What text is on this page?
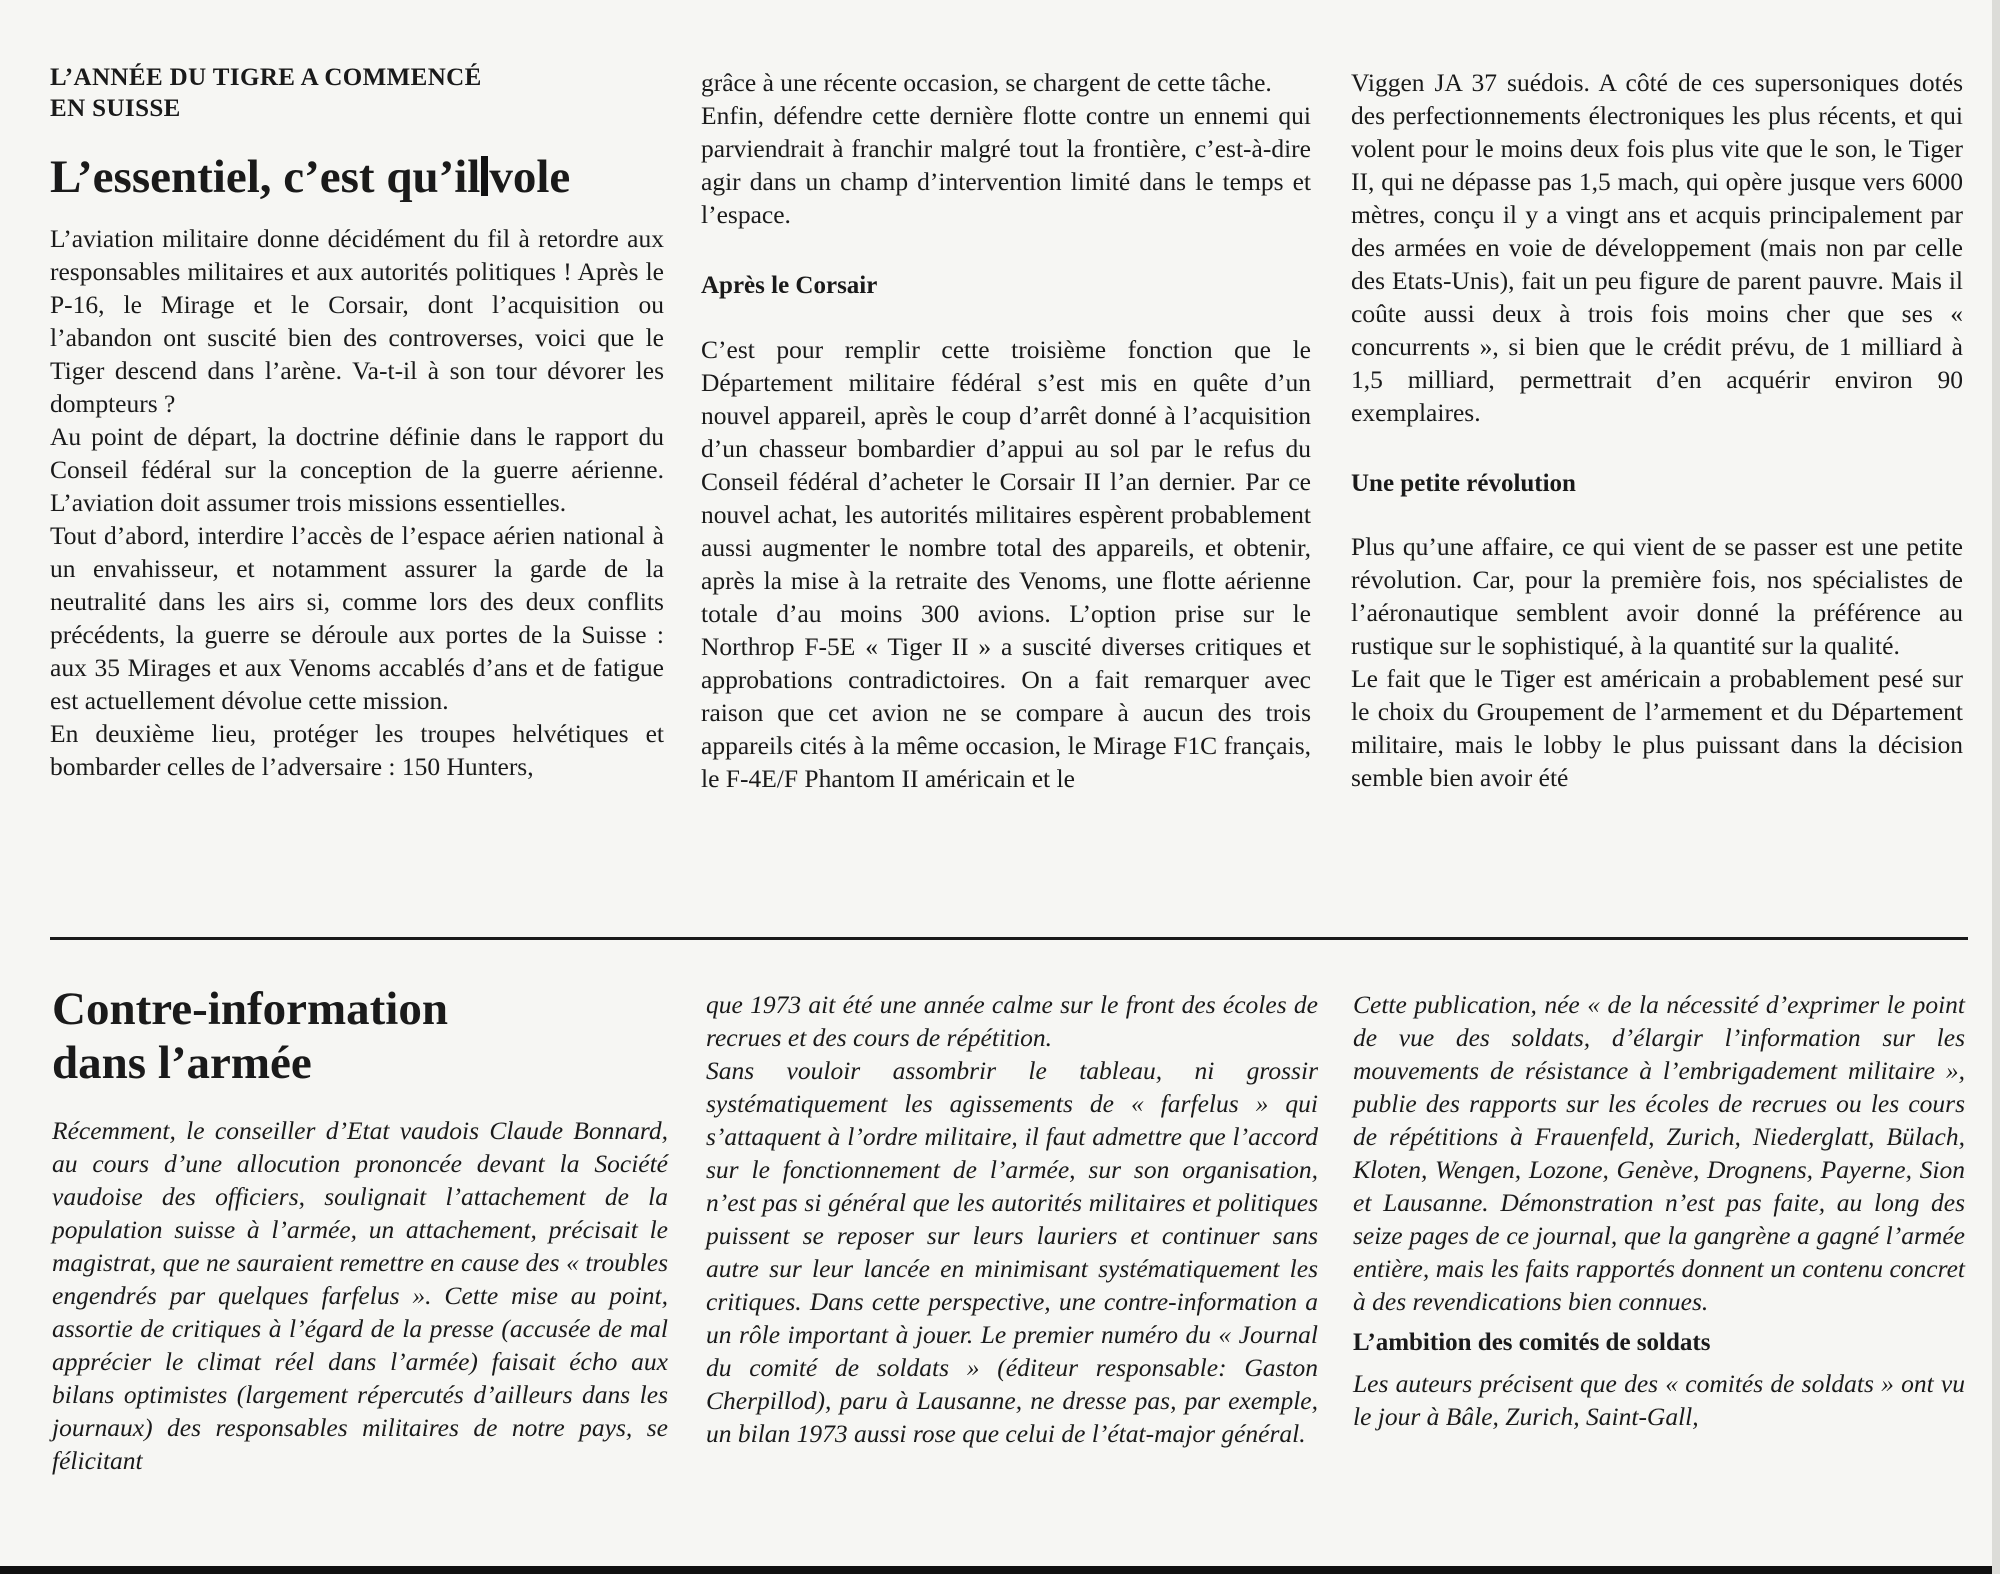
L’ANNÉE DU TIGRE A COMMENCÉ
EN SUISSE
L’essentiel, c’est qu’il vole

L’aviation militaire donne décidément du fil à retordre aux responsables militaires et aux autorités politiques ! Après le P-16, le Mirage et le Corsair, dont l’acquisition ou l’abandon ont suscité bien des controverses, voici que le Tiger descend dans l’arène. Va-t-il à son tour dévorer les dompteurs ?

Au point de départ, la doctrine définie dans le rapport du Conseil fédéral sur la conception de la guerre aérienne. L’aviation doit assumer trois missions essentielles.

Tout d’abord, interdire l’accès de l’espace aérien national à un envahisseur, et notamment assurer la garde de la neutralité dans les airs si, comme lors des deux conflits précédents, la guerre se déroule aux portes de la Suisse : aux 35 Mirages et aux Venoms accablés d’ans et de fatigue est actuellement dévolue cette mission.

En deuxième lieu, protéger les troupes helvétiques et bombarder celles de l’adversaire : 150 Hunters,

grâce à une récente occasion, se chargent de cette tâche.

Enfin, défendre cette dernière flotte contre un ennemi qui parviendrait à franchir malgré tout la frontière, c’est-à-dire agir dans un champ d’intervention limité dans le temps et l’espace.

Après le Corsair

C’est pour remplir cette troisième fonction que le Département militaire fédéral s’est mis en quête d’un nouvel appareil, après le coup d’arrêt donné à l’acquisition d’un chasseur bombardier d’appui au sol par le refus du Conseil fédéral d’acheter le Corsair II l’an dernier. Par ce nouvel achat, les autorités militaires espèrent probablement aussi augmenter le nombre total des appareils, et obtenir, après la mise à la retraite des Venoms, une flotte aérienne totale d’au moins 300 avions. L’option prise sur le Northrop F-5E « Tiger II » a suscité diverses critiques et approbations contradictoires. On a fait remarquer avec raison que cet avion ne se compare à aucun des trois appareils cités à la même occasion, le Mirage F1C français, le F-4E/F Phantom II américain et le

Viggen JA 37 suédois. A côté de ces supersoniques dotés des perfectionnements électroniques les plus récents, et qui volent pour le moins deux fois plus vite que le son, le Tiger II, qui ne dépasse pas 1,5 mach, qui opère jusque vers 6000 mètres, conçu il y a vingt ans et acquis principalement par des armées en voie de développement (mais non par celle des Etats-Unis), fait un peu figure de parent pauvre. Mais il coûte aussi deux à trois fois moins cher que ses « concurrents », si bien que le crédit prévu, de 1 milliard à 1,5 milliard, permettrait d’en acquérir environ 90 exemplaires.

Une petite révolution

Plus qu’une affaire, ce qui vient de se passer est une petite révolution. Car, pour la première fois, nos spécialistes de l’aéronautique semblent avoir donné la préférence au rustique sur le sophistiqué, à la quantité sur la qualité.

Le fait que le Tiger est américain a probablement pesé sur le choix du Groupement de l’armement et du Département militaire, mais le lobby le plus puissant dans la décision semble bien avoir été

Contre-information
dans l’armée

Récemment, le conseiller d’Etat vaudois Claude Bonnard, au cours d’une allocution prononcée devant la Société vaudoise des officiers, soulignait l’attachement de la population suisse à l’armée, un attachement, précisait le magistrat, que ne sauraient remettre en cause des « troubles engendrés par quelques farfelus ». Cette mise au point, assortie de critiques à l’égard de la presse (accusée de mal apprécier le climat réel dans l’armée) faisait écho aux bilans optimistes (largement répercutés d’ailleurs dans les journaux) des responsables militaires de notre pays, se félicitant

que 1973 ait été une année calme sur le front des écoles de recrues et des cours de répétition.

Sans vouloir assombrir le tableau, ni grossir systématiquement les agissements de « farfelus » qui s’attaquent à l’ordre militaire, il faut admettre que l’accord sur le fonctionnement de l’armée, sur son organisation, n’est pas si général que les autorités militaires et politiques puissent se reposer sur leurs lauriers et continuer sans autre sur leur lancée en minimisant systématiquement les critiques. Dans cette perspective, une contre-information a un rôle important à jouer. Le premier numéro du « Journal du comité de soldats » (éditeur responsable: Gaston Cherpillod), paru à Lausanne, ne dresse pas, par exemple, un bilan 1973 aussi rose que celui de l’état-major général.

Cette publication, née « de la nécessité d’exprimer le point de vue des soldats, d’élargir l’information sur les mouvements de résistance à l’embrigadement militaire », publie des rapports sur les écoles de recrues ou les cours de répétitions à Frauenfeld, Zurich, Niederglatt, Bülach, Kloten, Wengen, Lozone, Genève, Drognens, Payerne, Sion et Lausanne. Démonstration n’est pas faite, au long des seize pages de ce journal, que la gangrène a gagné l’armée entière, mais les faits rapportés donnent un contenu concret à des revendications bien connues.

L’ambition des comités de soldats

Les auteurs précisent que des « comités de soldats » ont vu le jour à Bâle, Zurich, Saint-Gall,
